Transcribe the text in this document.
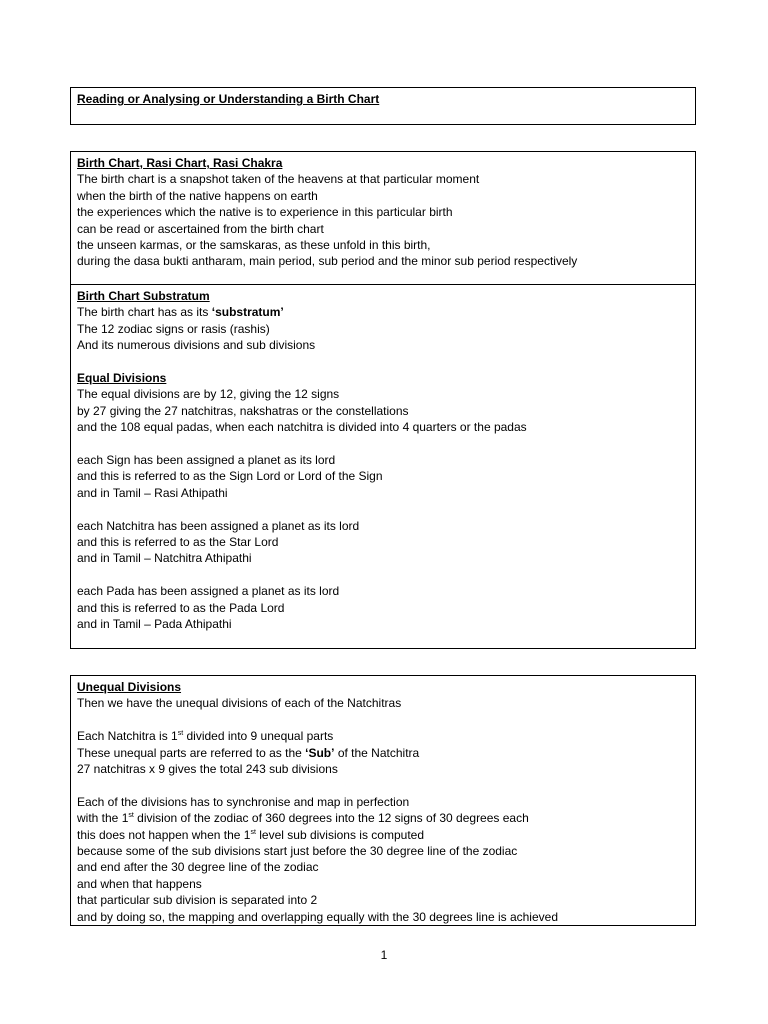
Reading or Analysing or Understanding a Birth Chart

Birth Chart, Rasi Chart, Rasi Chakra

The birth chart is a snapshot taken of the heavens at that particular moment

when the birth of the native happens on earth

the experiences which the native is to experience in this particular birth

can be read or ascertained from the birth chart

the unseen karmas, or the samskaras, as these unfold in this birth,

during the dasa bukti antharam, main period, sub period and the minor sub period respectively

Birth Chart Substratum

The birth chart has as its ‘substratum’

The 12 zodiac signs or rasis (rashis)

And its numerous divisions and sub divisions

Equal Divisions

The equal divisions are by 12, giving the 12 signs

by 27 giving the 27 natchitras, nakshatras or the constellations

and the 108 equal padas, when each natchitra is divided into 4 quarters or the padas

each Sign has been assigned a planet as its lord

and this is referred to as the Sign Lord or Lord of the Sign

and in Tamil – Rasi Athipathi

each Natchitra has been assigned a planet as its lord

and this is referred to as the Star Lord

and in Tamil – Natchitra Athipathi

each Pada has been assigned a planet as its lord

and this is referred to as the Pada Lord

and in Tamil – Pada Athipathi

Unequal Divisions

Then we have the unequal divisions of each of the Natchitras

Each Natchitra is 1st divided into 9 unequal parts

These unequal parts are referred to as the ‘Sub’ of the Natchitra

27 natchitras x 9 gives the total 243 sub divisions

Each of the divisions has to synchronise and map in perfection

with the 1st division of the zodiac of 360 degrees into the 12 signs of 30 degrees each

this does not happen when the 1st level sub divisions is computed

because some of the sub divisions start just before the 30 degree line of the zodiac

and end after the 30 degree line of the zodiac

and when that happens

that particular sub division is separated into 2

and by doing so, the mapping and overlapping equally with the 30 degrees line is achieved

1
